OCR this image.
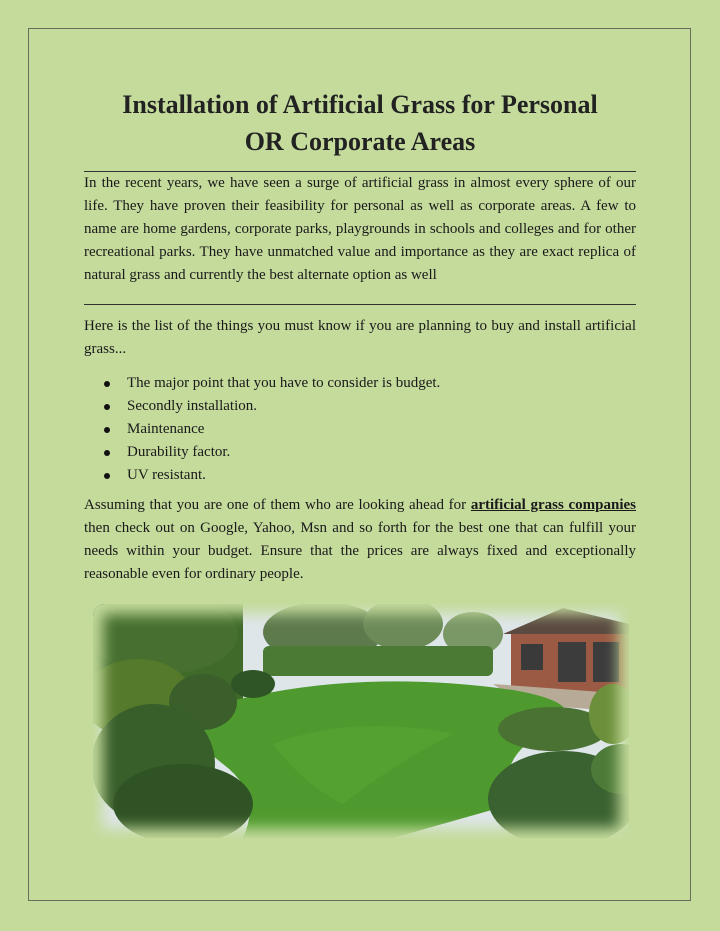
Installation of Artificial Grass for Personal
OR Corporate Areas
In the recent years, we have seen a surge of artificial grass in almost every sphere of our life. They have proven their feasibility for personal as well as corporate areas. A few to name are home gardens, corporate parks, playgrounds in schools and colleges and for other recreational parks. They have unmatched value and importance as they are exact replica of natural grass and currently the best alternate option as well
Here is the list of the things you must know if you are planning to buy and install artificial grass...
The major point that you have to consider is budget.
Secondly installation.
Maintenance
Durability factor.
UV resistant.
Assuming that you are one of them who are looking ahead for artificial grass companies then check out on Google, Yahoo, Msn and so forth for the best one that can fulfill your needs within your budget. Ensure that the prices are always fixed and exceptionally reasonable even for ordinary people.
